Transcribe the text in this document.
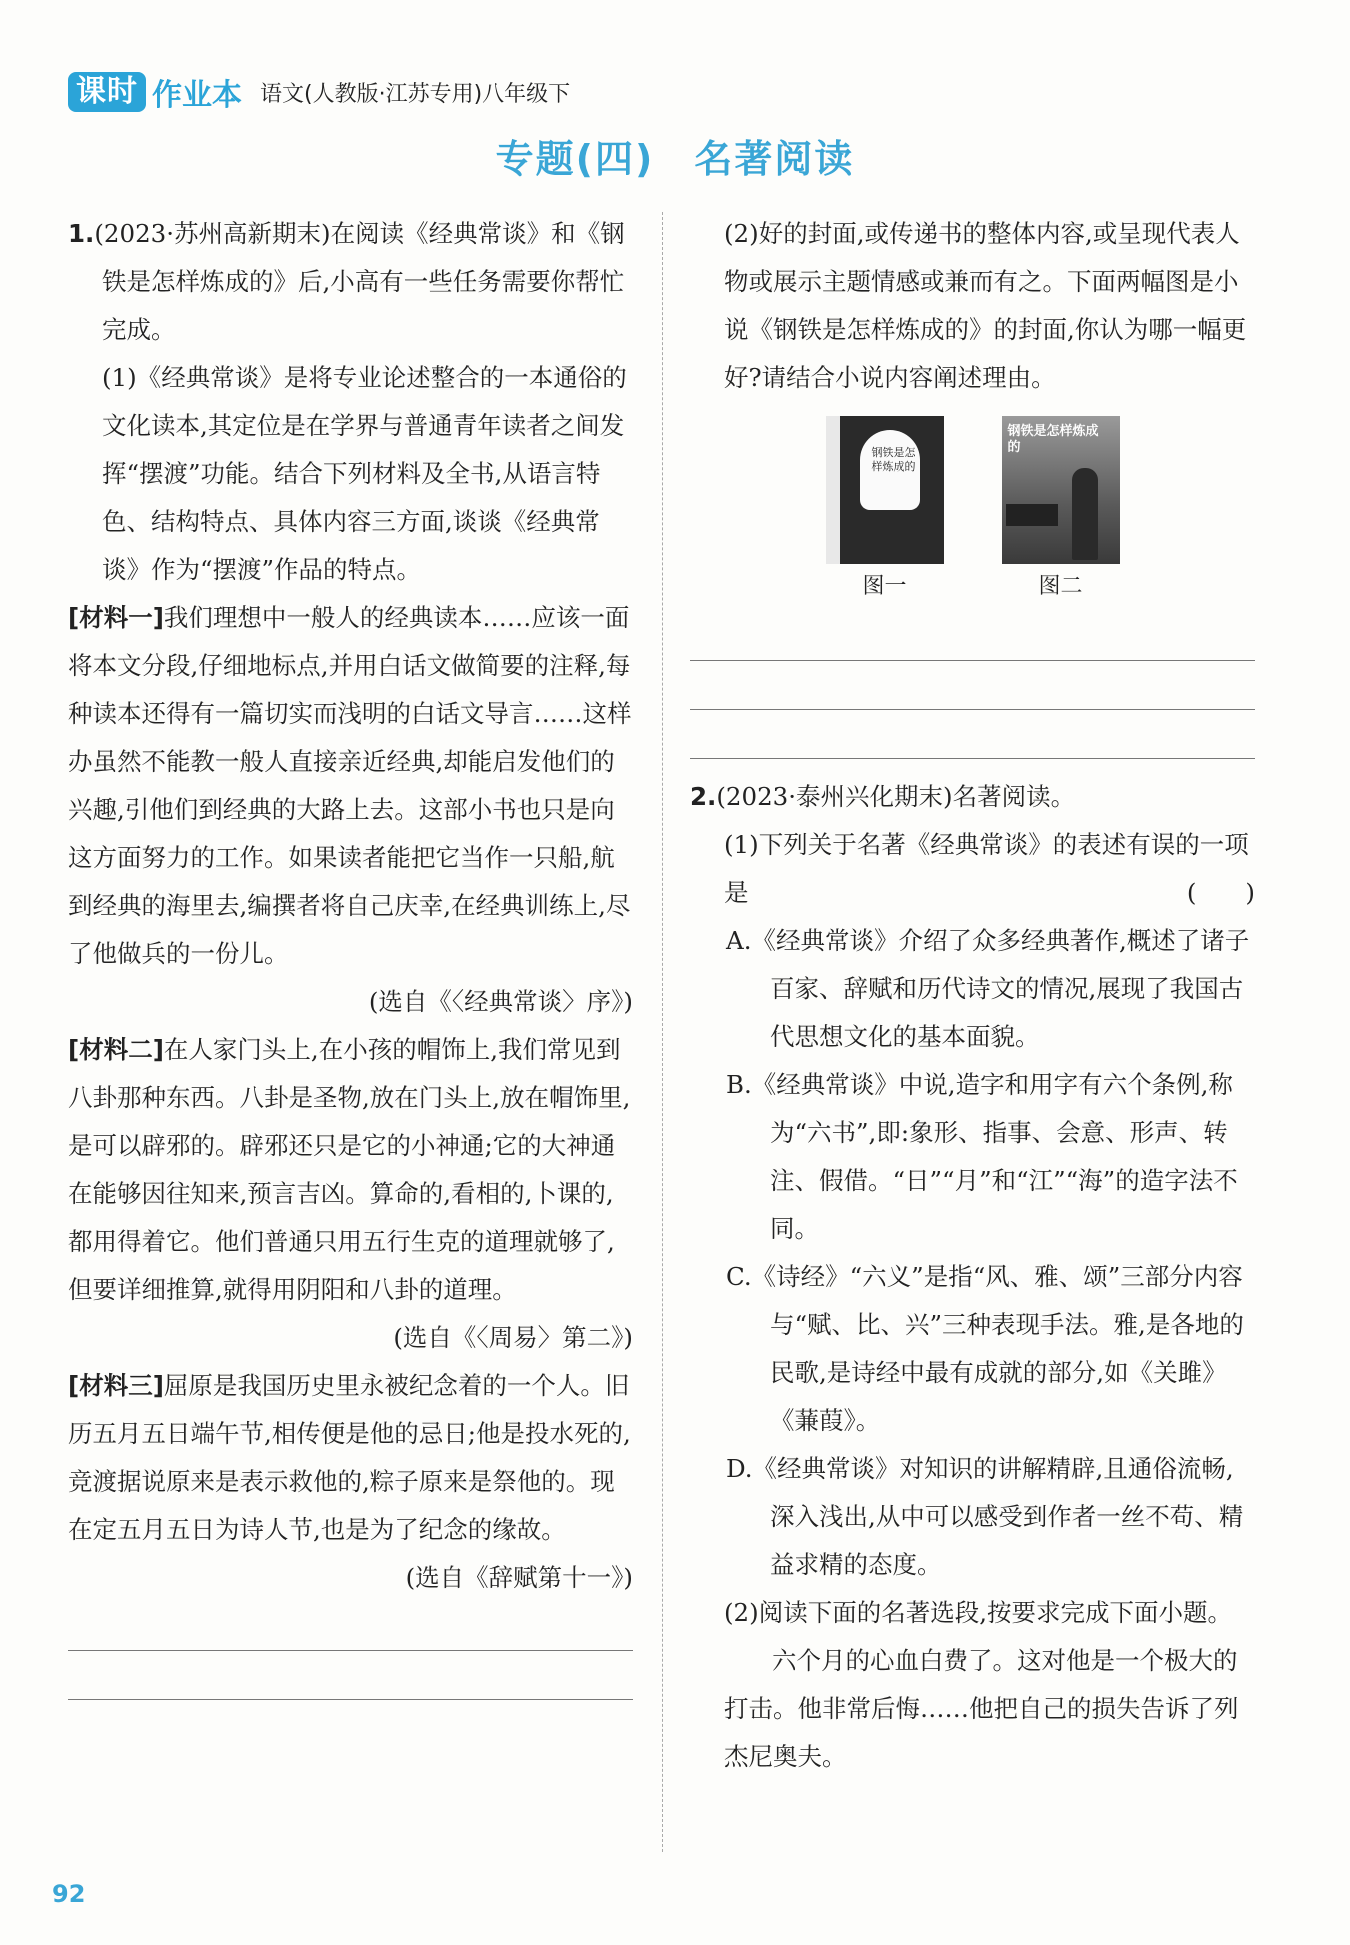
课时 作业本 语文(人教版·江苏专用)八年级下
专题(四)　名著阅读

1.(2023·苏州高新期末)在阅读《经典常谈》和《钢铁是怎样炼成的》后,小高有一些任务需要你帮忙完成。

(1)《经典常谈》是将专业论述整合的一本通俗的文化读本,其定位是在学界与普通青年读者之间发挥“摆渡”功能。结合下列材料及全书,从语言特色、结构特点、具体内容三方面,谈谈《经典常谈》作为“摆渡”作品的特点。

[材料一]我们理想中一般人的经典读本……应该一面将本文分段,仔细地标点,并用白话文做简要的注释,每种读本还得有一篇切实而浅明的白话文导言……这样办虽然不能教一般人直接亲近经典,却能启发他们的兴趣,引他们到经典的大路上去。这部小书也只是向这方面努力的工作。如果读者能把它当作一只船,航到经典的海里去,编撰者将自己庆幸,在经典训练上,尽了他做兵的一份儿。

(选自《〈经典常谈〉序》)

[材料二]在人家门头上,在小孩的帽饰上,我们常见到八卦那种东西。八卦是圣物,放在门头上,放在帽饰里,是可以辟邪的。辟邪还只是它的小神通;它的大神通在能够因往知来,预言吉凶。算命的,看相的,卜课的,都用得着它。他们普通只用五行生克的道理就够了,但要详细推算,就得用阴阳和八卦的道理。

(选自《〈周易〉第二》)

[材料三]屈原是我国历史里永被纪念着的一个人。旧历五月五日端午节,相传便是他的忌日;他是投水死的,竞渡据说原来是表示救他的,粽子原来是祭他的。现在定五月五日为诗人节,也是为了纪念的缘故。

(选自《辞赋第十一》)

(2)好的封面,或传递书的整体内容,或呈现代表人物或展示主题情感或兼而有之。下面两幅图是小说《钢铁是怎样炼成的》的封面,你认为哪一幅更好?请结合小说内容阐述理由。

钢铁是怎样炼成的
图一
钢铁是怎样炼成的
图二

2.(2023·泰州兴化期末)名著阅读。

(1)下列关于名著《经典常谈》的表述有误的一项是	(　　)

A.《经典常谈》介绍了众多经典著作,概述了诸子百家、辞赋和历代诗文的情况,展现了我国古代思想文化的基本面貌。

B.《经典常谈》中说,造字和用字有六个条例,称为“六书”,即:象形、指事、会意、形声、转注、假借。“日”“月”和“江”“海”的造字法不同。

C.《诗经》“六义”是指“风、雅、颂”三部分内容与“赋、比、兴”三种表现手法。雅,是各地的民歌,是诗经中最有成就的部分,如《关雎》《蒹葭》。

D.《经典常谈》对知识的讲解精辟,且通俗流畅,深入浅出,从中可以感受到作者一丝不苟、精益求精的态度。

(2)阅读下面的名著选段,按要求完成下面小题。

六个月的心血白费了。这对他是一个极大的打击。他非常后悔……他把自己的损失告诉了列杰尼奥夫。

92
